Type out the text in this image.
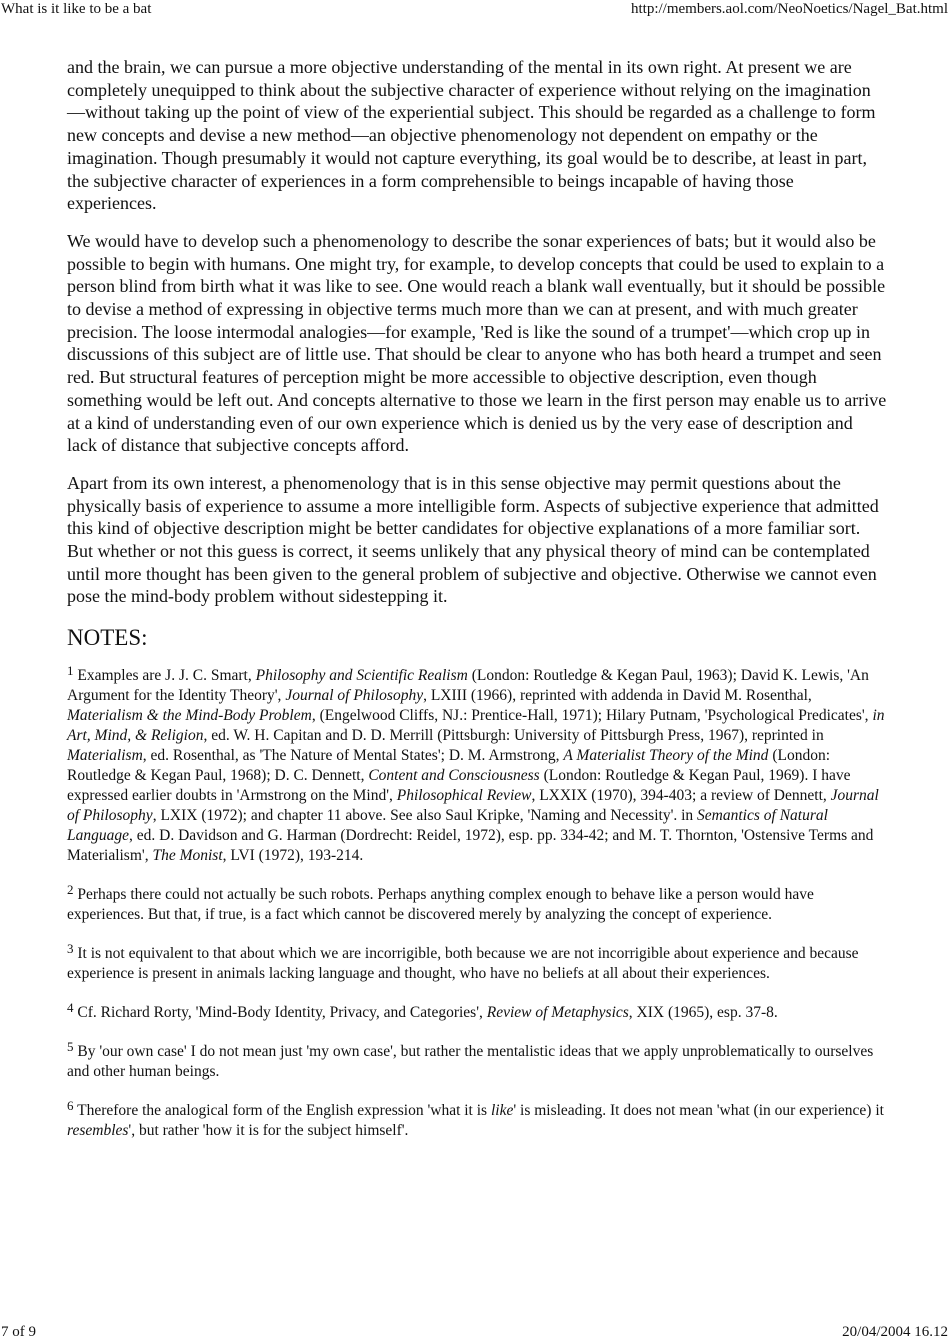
What is it like to be a bat	http://members.aol.com/NeoNoetics/Nagel_Bat.html

and the brain, we can pursue a more objective understanding of the mental in its own right. At present we are completely unequipped to think about the subjective character of experience without relying on the imagination—without taking up the point of view of the experiential subject. This should be regarded as a challenge to form new concepts and devise a new method—an objective phenomenology not dependent on empathy or the imagination. Though presumably it would not capture everything, its goal would be to describe, at least in part, the subjective character of experiences in a form comprehensible to beings incapable of having those experiences.

We would have to develop such a phenomenology to describe the sonar experiences of bats; but it would also be possible to begin with humans. One might try, for example, to develop concepts that could be used to explain to a person blind from birth what it was like to see. One would reach a blank wall eventually, but it should be possible to devise a method of expressing in objective terms much more than we can at present, and with much greater precision. The loose intermodal analogies—for example, 'Red is like the sound of a trumpet'—which crop up in discussions of this subject are of little use. That should be clear to anyone who has both heard a trumpet and seen red. But structural features of perception might be more accessible to objective description, even though something would be left out. And concepts alternative to those we learn in the first person may enable us to arrive at a kind of understanding even of our own experience which is denied us by the very ease of description and lack of distance that subjective concepts afford.

Apart from its own interest, a phenomenology that is in this sense objective may permit questions about the physically basis of experience to assume a more intelligible form. Aspects of subjective experience that admitted this kind of objective description might be better candidates for objective explanations of a more familiar sort. But whether or not this guess is correct, it seems unlikely that any physical theory of mind can be contemplated until more thought has been given to the general problem of subjective and objective. Otherwise we cannot even pose the mind-body problem without sidestepping it.

NOTES:

$^1$ Examples are J. J. C. Smart, Philosophy and Scientific Realism (London: Routledge & Kegan Paul, 1963); David K. Lewis, 'An Argument for the Identity Theory', Journal of Philosophy, LXIII (1966), reprinted with addenda in David M. Rosenthal, Materialism & the Mind-Body Problem, (Engelwood Cliffs, NJ.: Prentice-Hall, 1971); Hilary Putnam, 'Psychological Predicates', in Art, Mind, & Religion, ed. W. H. Capitan and D. D. Merrill (Pittsburgh: University of Pittsburgh Press, 1967), reprinted in Materialism, ed. Rosenthal, as 'The Nature of Mental States'; D. M. Armstrong, A Materialist Theory of the Mind (London: Routledge & Kegan Paul, 1968); D. C. Dennett, Content and Consciousness (London: Routledge & Kegan Paul, 1969). I have expressed earlier doubts in 'Armstrong on the Mind', Philosophical Review, LXXIX (1970), 394-403; a review of Dennett, Journal of Philosophy, LXIX (1972); and chapter 11 above. See also Saul Kripke, 'Naming and Necessity'. in Semantics of Natural Language, ed. D. Davidson and G. Harman (Dordrecht: Reidel, 1972), esp. pp. 334-42; and M. T. Thornton, 'Ostensive Terms and Materialism', The Monist, LVI (1972), 193-214.

$^2$ Perhaps there could not actually be such robots. Perhaps anything complex enough to behave like a person would have experiences. But that, if true, is a fact which cannot be discovered merely by analyzing the concept of experience.

$^3$ It is not equivalent to that about which we are incorrigible, both because we are not incorrigible about experience and because experience is present in animals lacking language and thought, who have no beliefs at all about their experiences.

$^4$ Cf. Richard Rorty, 'Mind-Body Identity, Privacy, and Categories', Review of Metaphysics, XIX (1965), esp. 37-8.

$^5$ By 'our own case' I do not mean just 'my own case', but rather the mentalistic ideas that we apply unproblematically to ourselves and other human beings.

$^6$ Therefore the analogical form of the English expression 'what it is like' is misleading. It does not mean 'what (in our experience) it resembles', but rather 'how it is for the subject himself'.

7 of 9	20/04/2004 16.12
